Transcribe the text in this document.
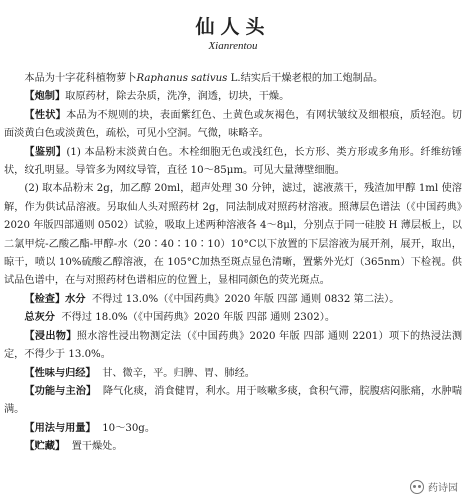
仙人头
Xianrentou

本品为十字花科植物萝卜Raphanus sativus L.结实后干燥老根的加工炮制品。

【炮制】取原药材，除去杂质，洗净，润透，切块，干燥。

【性状】本品为不规则的块，表面紫红色、土黄色或灰褐色，有网状皱纹及细根痕，质轻泡。切面淡黄白色或淡黄色，疏松，可见小空洞。气微，味略辛。

【鉴别】(1) 本品粉末淡黄白色。木栓细胞无色或浅红色，长方形、类方形或多角形。纤维纺锤状，纹孔明显。导管多为网纹导管，直径 10～85μm。可见大量薄壁细胞。

(2) 取本品粉末 2g，加乙醇 20ml，超声处理 30 分钟，滤过，滤液蒸干，残渣加甲醇 1ml 使溶解，作为供试品溶液。另取仙人头对照药材 2g，同法制成对照药材溶液。照薄层色谱法（《中国药典》2020 年版四部通则 0502）试验，吸取上述两种溶液各 4～8μl，分别点于同一硅胶 H 薄层板上，以二氯甲烷-乙酸乙酯-甲醇-水（20∶40∶10∶10）10°C以下放置的下层溶液为展开剂，展开，取出，晾干，喷以 10%硫酸乙醇溶液，在 105°C加热至斑点显色清晰，置紫外光灯（365nm）下检视。供试品色谱中，在与对照药材色谱相应的位置上，显相同颜色的荧光斑点。

【检查】水分 不得过 13.0%（《中国药典》2020 年版 四部 通则 0832 第二法）。

总灰分 不得过 18.0%（《中国药典》2020 年版 四部 通则 2302）。

【浸出物】照水溶性浸出物测定法（《中国药典》2020 年版 四部 通则 2201）项下的热浸法测定，不得少于 13.0%。

【性味与归经】 甘、微辛，平。归脾、胃、肺经。

【功能与主治】 降气化痰，消食健胃，利水。用于咳嗽多痰，食积气滞，脘腹痞闷胀痛，水肿喘满。

【用法与用量】 10～30g。

【贮藏】 置干燥处。

药诗园
